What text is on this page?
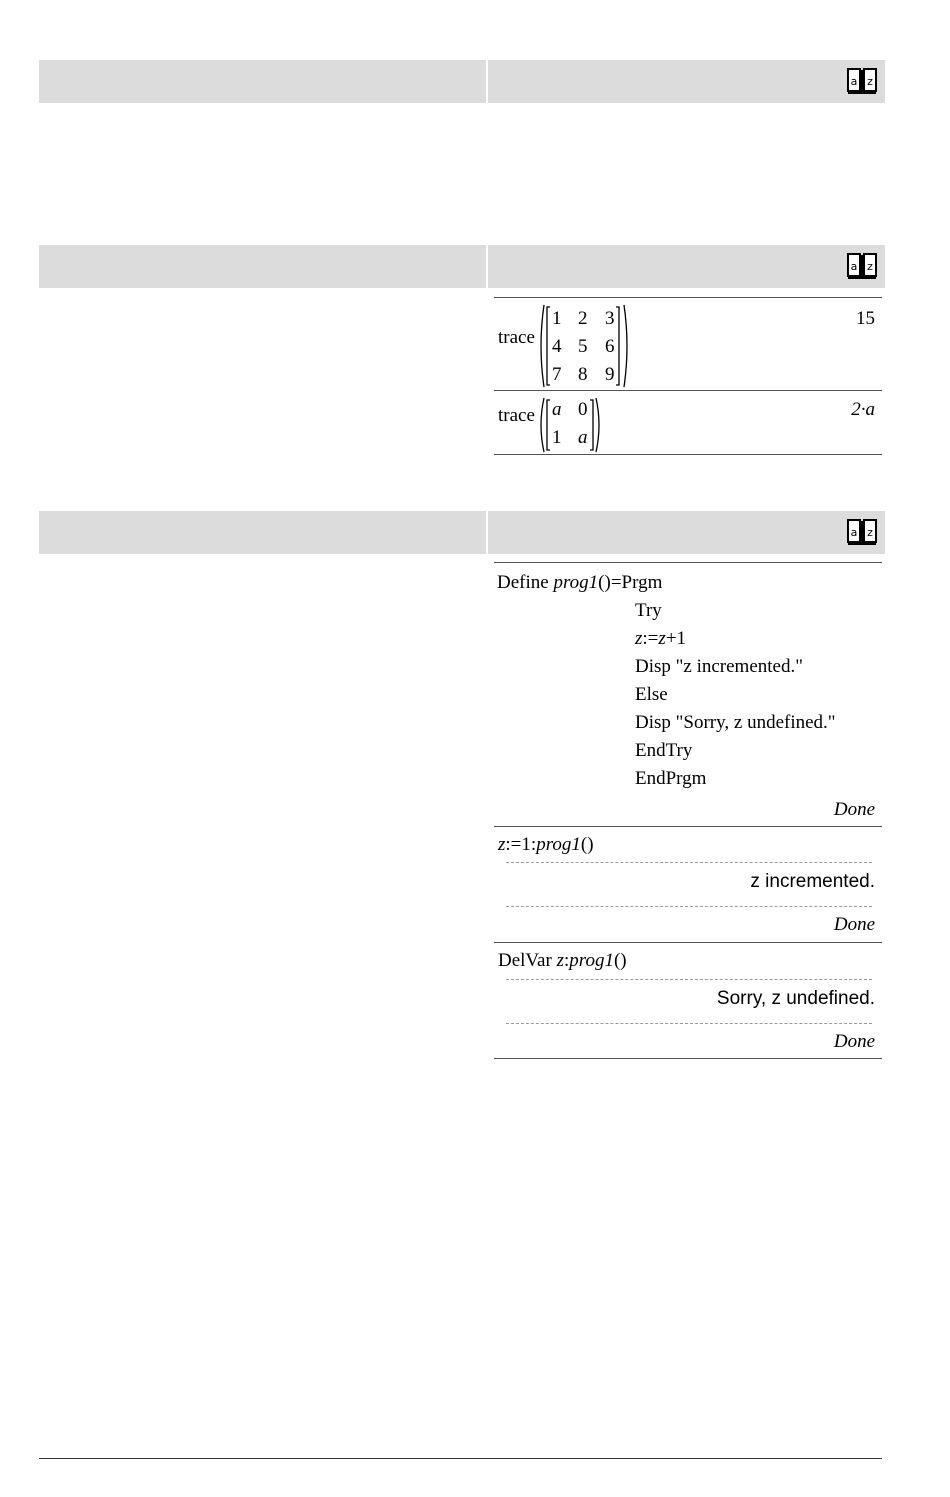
a z
a z
trace
1 2 3
4 5 6
7 8 9
15
trace a 0
1 a
2·a
a z
Define prog1()=Prgm
Try
z:=z+1
Disp "z incremented."
Else
Disp "Sorry, z undefined."
EndTry
EndPrgm
Done
z:=1:prog1()
z incremented.
Done
DelVar z:prog1()
Sorry, z undefined.
Done
